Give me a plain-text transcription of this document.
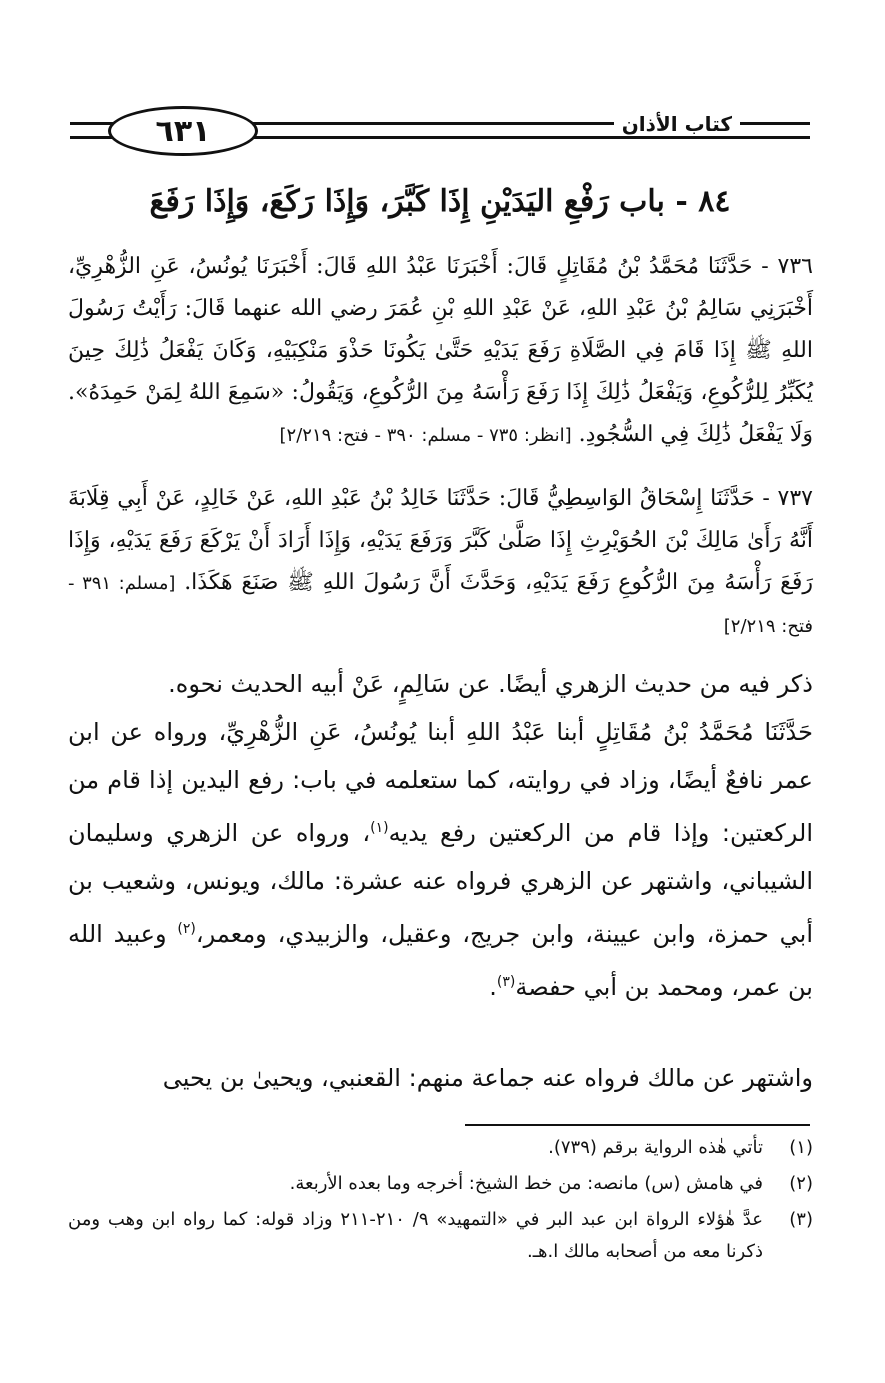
٦٣١	كتاب الأذان
٨٤ - باب رَفْعِ اليَدَيْنِ إِذَا كَبَّرَ، وَإِذَا رَكَعَ، وَإِذَا رَفَعَ

٧٣٦ - حَدَّثَنَا مُحَمَّدُ بْنُ مُقَاتِلٍ قَالَ: أَخْبَرَنَا عَبْدُ اللهِ قَالَ: أَخْبَرَنَا يُونُسُ، عَنِ الزُّهْرِيِّ، أَخْبَرَنِي سَالِمُ بْنُ عَبْدِ اللهِ، عَنْ عَبْدِ اللهِ بْنِ عُمَرَ رضي الله عنهما قَالَ: رَأَيْتُ رَسُولَ اللهِ ﷺ إِذَا قَامَ فِي الصَّلَاةِ رَفَعَ يَدَيْهِ حَتَّىٰ يَكُونَا حَذْوَ مَنْكِبَيْهِ، وَكَانَ يَفْعَلُ ذَٰلِكَ حِينَ يُكَبِّرُ لِلرُّكُوعِ، وَيَفْعَلُ ذَٰلِكَ إِذَا رَفَعَ رَأْسَهُ مِنَ الرُّكُوعِ، وَيَقُولُ: «سَمِعَ اللهُ لِمَنْ حَمِدَهُ». وَلَا يَفْعَلُ ذَٰلِكَ فِي السُّجُودِ. [انظر: ٧٣٥ - مسلم: ٣٩٠ - فتح: ٢/٢١٩]

٧٣٧ - حَدَّثَنَا إِسْحَاقُ الوَاسِطِيُّ قَالَ: حَدَّثَنَا خَالِدُ بْنُ عَبْدِ اللهِ، عَنْ خَالِدٍ، عَنْ أَبِي قِلَابَةَ أَنَّهُ رَأَىٰ مَالِكَ بْنَ الحُوَيْرِثِ إِذَا صَلَّىٰ كَبَّرَ وَرَفَعَ يَدَيْهِ، وَإِذَا أَرَادَ أَنْ يَرْكَعَ رَفَعَ يَدَيْهِ، وَإِذَا رَفَعَ رَأْسَهُ مِنَ الرُّكُوعِ رَفَعَ يَدَيْهِ، وَحَدَّثَ أَنَّ رَسُولَ اللهِ ﷺ صَنَعَ هَكَذَا. [مسلم: ٣٩١ - فتح: ٢/٢١٩]

ذكر فيه من حديث الزهري أيضًا. عن سَالِمٍ، عَنْ أبيه الحديث نحوه.

حَدَّثَنَا مُحَمَّدُ بْنُ مُقَاتِلٍ أبنا عَبْدُ اللهِ أبنا يُونُسُ، عَنِ الزُّهْرِيِّ، ورواه عن ابن عمر نافعٌ أيضًا، وزاد في روايته، كما ستعلمه في باب: رفع اليدين إذا قام من الركعتين: وإذا قام من الركعتين رفع يديه$^{(١)}$، ورواه عن الزهري وسليمان الشيباني، واشتهر عن الزهري فرواه عنه عشرة: مالك، ويونس، وشعيب بن أبي حمزة، وابن عيينة، وابن جريج، وعقيل، والزبيدي، ومعمر،$^{(٢)}$ وعبيد الله بن عمر، ومحمد بن أبي حفصة$^{(٣)}$.

واشتهر عن مالك فرواه عنه جماعة منهم: القعنبي، ويحيىٰ بن يحيى

(١)
تأتي هٰذه الرواية برقم (٧٣٩).
(٢)
في هامش (س) مانصه: من خط الشيخ: أخرجه وما بعده الأربعة.
(٣)
عدَّ هٰؤلاء الرواة ابن عبد البر في «التمهيد» ٩/ ٢١٠-٢١١ وزاد قوله: كما رواه ابن وهب ومن ذكرنا معه من أصحابه مالك ا.هـ.
